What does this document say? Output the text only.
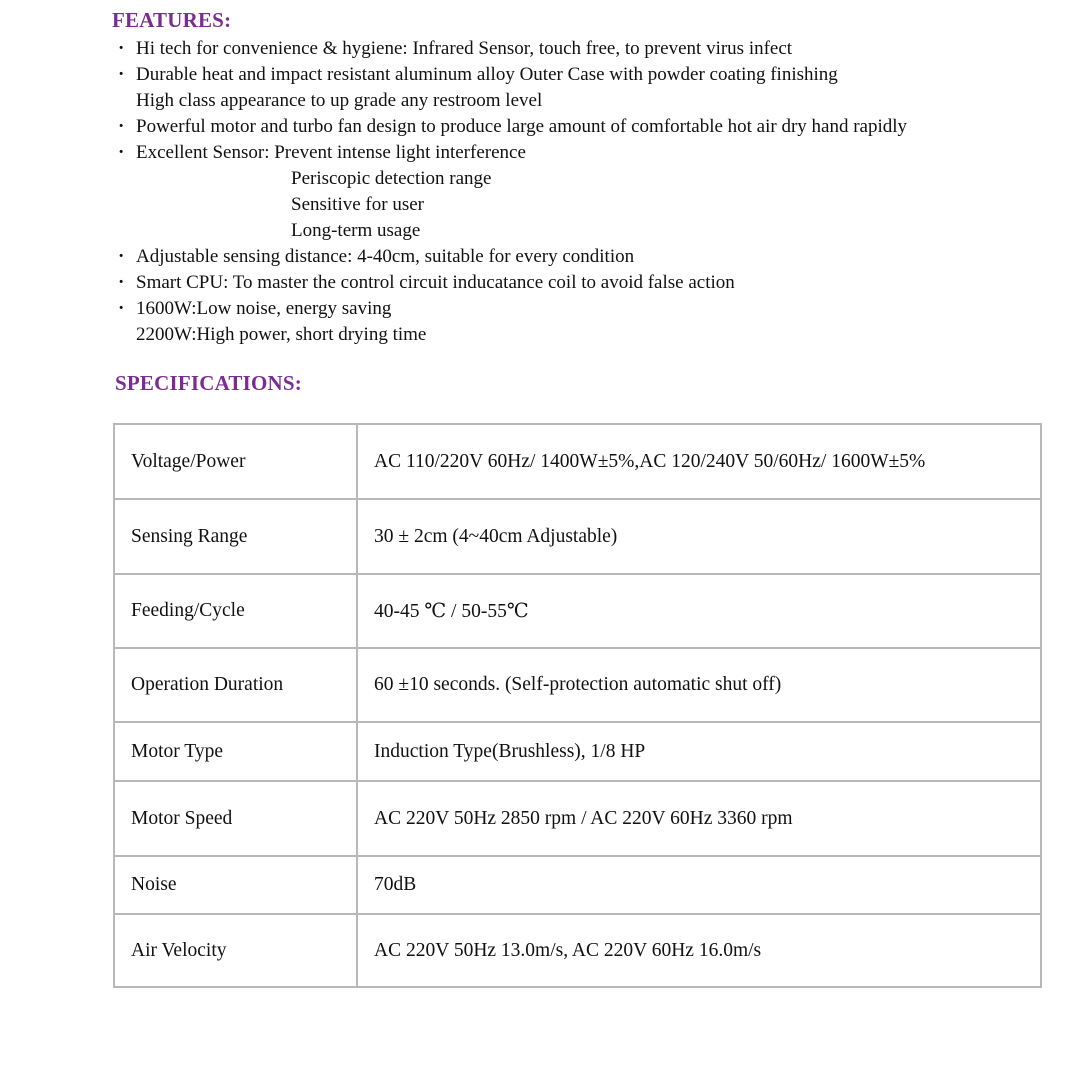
FEATURES:
· Hi tech for convenience & hygiene: Infrared Sensor, touch free, to prevent virus infect
· Durable heat and impact resistant aluminum alloy Outer Case with powder coating finishing
High class appearance to up grade any restroom level
· Powerful motor and turbo fan design to produce large amount of comfortable hot air dry hand rapidly
· Excellent Sensor: Prevent intense light interference
Periscopic detection range
Sensitive for user
Long-term usage
· Adjustable sensing distance: 4-40cm, suitable for every condition
· Smart CPU: To master the control circuit inducatance coil to avoid false action
· 1600W:Low noise, energy saving
2200W:High power, short drying time
SPECIFICATIONS:
Voltage/Power	AC 110/220V 60Hz/ 1400W±5%,AC 120/240V 50/60Hz/ 1600W±5%
Sensing Range	30 ± 2cm (4~40cm Adjustable)
Feeding/Cycle	40-45 ℃ / 50-55℃
Operation Duration	60 ±10 seconds. (Self-protection automatic shut off)
Motor Type	Induction Type(Brushless), 1/8 HP
Motor Speed	AC 220V 50Hz 2850 rpm / AC 220V 60Hz 3360 rpm
Noise	70dB
Air Velocity	AC 220V 50Hz 13.0m/s, AC 220V 60Hz 16.0m/s
